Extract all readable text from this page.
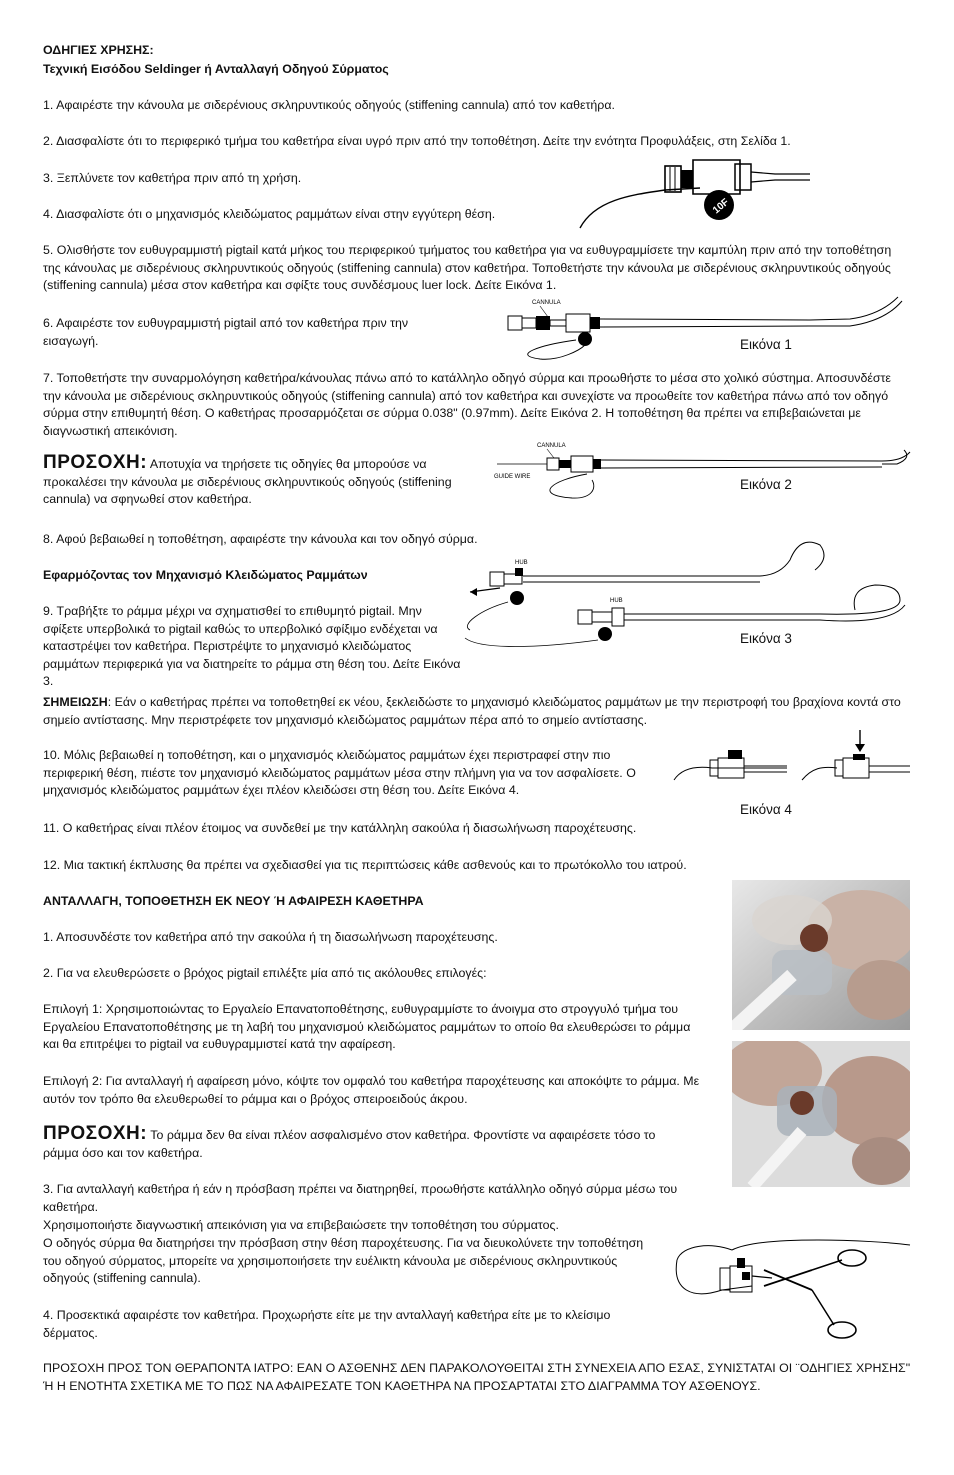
ΟΔΗΓΙΕΣ ΧΡΗΣΗΣ:

Τεχνική Εισόδου Seldinger ή Ανταλλαγή Οδηγού Σύρματος

1. Αφαιρέστε την κάνουλα με σιδερένιους σκληρυντικούς οδηγούς (stiffening cannula) από τον καθετήρα.

2. Διασφαλίστε ότι το περιφερικό τμήμα του καθετήρα είναι υγρό πριν από την τοποθέτηση. Δείτε την ενότητα Προφυλάξεις, στη Σελίδα 1.

3. Ξεπλύνετε τον καθετήρα πριν από τη χρήση.

4. Διασφαλίστε ότι ο μηχανισμός κλειδώματος ραμμάτων είναι στην εγγύτερη θέση.	10F

5. Ολισθήστε τον ευθυγραμμιστή pigtail κατά μήκος του περιφερικού τμήματος του καθετήρα για να ευθυγραμμίσετε την καμπύλη πριν από την τοποθέτηση της κάνουλας με σιδερένιους σκληρυντικούς οδηγούς (stiffening cannula) στον καθετήρα. Τοποθετήστε την κάνουλα με σιδερένιους σκληρυντικούς οδηγούς (stiffening cannula) μέσα στον καθετήρα και σφίξτε τους συνδέσμους luer lock. Δείτε Εικόνα 1.

6. Αφαιρέστε τον ευθυγραμμιστή pigtail από τον καθετήρα πριν την εισαγωγή.

CANNULA
Εικόνα 1

7. Τοποθετήστε την συναρμολόγηση καθετήρα/κάνουλας πάνω από το κατάλληλο οδηγό σύρμα και προωθήστε το μέσα στο χολικό σύστημα. Αποσυνδέστε την κάνουλα με σιδερένιους σκληρυντικούς οδηγούς (stiffening cannula) από τον καθετήρα και συνεχίστε να προωθείτε τον καθετήρα πάνω από τον οδηγό σύρμα στην επιθυμητή θέση. Ο καθετήρας προσαρμόζεται σε σύρμα 0.038" (0.97mm). Δείτε Εικόνα 2. Η τοποθέτηση θα πρέπει να επιβεβαιώνεται με διαγνωστική απεικόνιση.

ΠΡΟΣΟΧΗ: Αποτυχία να τηρήσετε τις οδηγίες θα μπορούσε να προκαλέσει την κάνουλα με σιδερένιους σκληρυντικούς οδηγούς (stiffening cannula) να σφηνωθεί στον καθετήρα.

CANNULA
GUIDE WIRE	Εικόνα 2

8. Αφού βεβαιωθεί η τοποθέτηση, αφαιρέστε την κάνουλα και τον οδηγό σύρμα.

Εφαρμόζοντας τον Μηχανισμό Κλειδώματος Ραμμάτων

9. Τραβήξτε το ράμμα μέχρι να σχηματισθεί το επιθυμητό pigtail. Μην σφίξετε υπερβολικά το pigtail καθώς το υπερβολικό σφίξιμο ενδέχεται να καταστρέψει τον καθετήρα. Περιστρέψτε το μηχανισμό κλειδώματος ραμμάτων περιφερικά για να διατηρείτε το ράμμα στη θέση του. Δείτε Εικόνα 3.

HUB
HUB
Εικόνα 3

ΣΗΜΕΙΩΣΗ: Εάν ο καθετήρας πρέπει να τοποθετηθεί εκ νέου, ξεκλειδώστε το μηχανισμό κλειδώματος ραμμάτων με την περιστροφή του βραχίονα κοντά στο σημείο αντίστασης. Μην περιστρέφετε τον μηχανισμό κλειδώματος ραμμάτων πέρα από το σημείο αντίστασης.

10. Μόλις βεβαιωθεί η τοποθέτηση, και ο μηχανισμός κλειδώματος ραμμάτων έχει περιστραφεί στην πιο περιφερική θέση, πιέστε τον μηχανισμό κλειδώματος ραμμάτων μέσα στην πλήμνη για να τον ασφαλίσετε. Ο μηχανισμός κλειδώματος ραμμάτων έχει πλέον κλειδώσει στη θέση του. Δείτε Εικόνα 4.

Εικόνα 4

11. Ο καθετήρας είναι πλέον έτοιμος να συνδεθεί με την κατάλληλη σακούλα ή διασωλήνωση παροχέτευσης.

12. Μια τακτική έκπλυσης θα πρέπει να σχεδιασθεί για τις περιπτώσεις κάθε ασθενούς και το πρωτόκολλο του ιατρού.

ΑΝΤΑΛΛΑΓΗ, ΤΟΠΟΘΕΤΗΣΗ ΕΚ ΝΕΟΥ Ή ΑΦΑΙΡΕΣΗ ΚΑΘΕΤΗΡΑ

1. Αποσυνδέστε τον καθετήρα από την σακούλα ή τη διασωλήνωση παροχέτευσης.

2. Για να ελευθερώσετε ο βρόχος pigtail επιλέξτε μία από τις ακόλουθες επιλογές:

Επιλογή 1: Χρησιμοποιώντας το Εργαλείο Επανατοποθέτησης, ευθυγραμμίστε το άνοιγμα στο στρογγυλό τμήμα του Εργαλείου Επανατοποθέτησης με τη λαβή του μηχανισμού κλειδώματος ραμμάτων το οποίο θα ελευθερώσει το ράμμα και θα επιτρέψει το pigtail να ευθυγραμμιστεί κατά την αφαίρεση.

Επιλογή 2: Για ανταλλαγή ή αφαίρεση μόνο, κόψτε τον ομφαλό του καθετήρα παροχέτευσης και αποκόψτε το ράμμα. Με αυτόν τον τρόπο θα ελευθερωθεί το ράμμα και ο βρόχος σπειροειδούς άκρου.

ΠΡΟΣΟΧΗ: Το ράμμα δεν θα είναι πλέον ασφαλισμένο στον καθετήρα. Φροντίστε να αφαιρέσετε τόσο το ράμμα όσο και τον καθετήρα.

3. Για ανταλλαγή καθετήρα ή εάν η πρόσβαση πρέπει να διατηρηθεί, προωθήστε κατάλληλο οδηγό σύρμα μέσω του καθετήρα.

Χρησιμοποιήστε διαγνωστική απεικόνιση για να επιβεβαιώσετε την τοποθέτηση του σύρματος.

Ο οδηγός σύρμα θα διατηρήσει την πρόσβαση στην θέση παροχέτευσης. Για να διευκολύνετε την τοποθέτηση του οδηγού σύρματος, μπορείτε να χρησιμοποιήσετε την ευέλικτη κάνουλα με σιδερένιους σκληρυντικούς οδηγούς (stiffening cannula).

4. Προσεκτικά αφαιρέστε τον καθετήρα. Προχωρήστε είτε με την ανταλλαγή καθετήρα είτε με το κλείσιμο δέρματος.

ΠΡΟΣΟΧΗ ΠΡΟΣ ΤΟΝ ΘΕΡΑΠΟΝΤΑ ΙΑΤΡΟ: ΕΑΝ Ο ΑΣΘΕΝΗΣ ΔΕΝ ΠΑΡΑΚΟΛΟΥΘΕΙΤΑΙ ΣΤΗ ΣΥΝΕΧΕΙΑ ΑΠΟ ΕΣΑΣ, ΣΥΝΙΣΤΑΤΑΙ ΟΙ ¨ΟΔΗΓΙΕΣ ΧΡΗΣΗΣ" Ή Η ΕΝΟΤΗΤΑ ΣΧΕΤΙΚΑ ΜΕ ΤΟ ΠΩΣ ΝΑ ΑΦΑΙΡΕΣΑΤΕ ΤΟΝ ΚΑΘΕΤΗΡΑ ΝΑ ΠΡΟΣΑΡΤΑΤΑΙ ΣΤΟ ΔΙΑΓΡΑΜΜΑ ΤΟΥ ΑΣΘΕΝΟΥΣ.
